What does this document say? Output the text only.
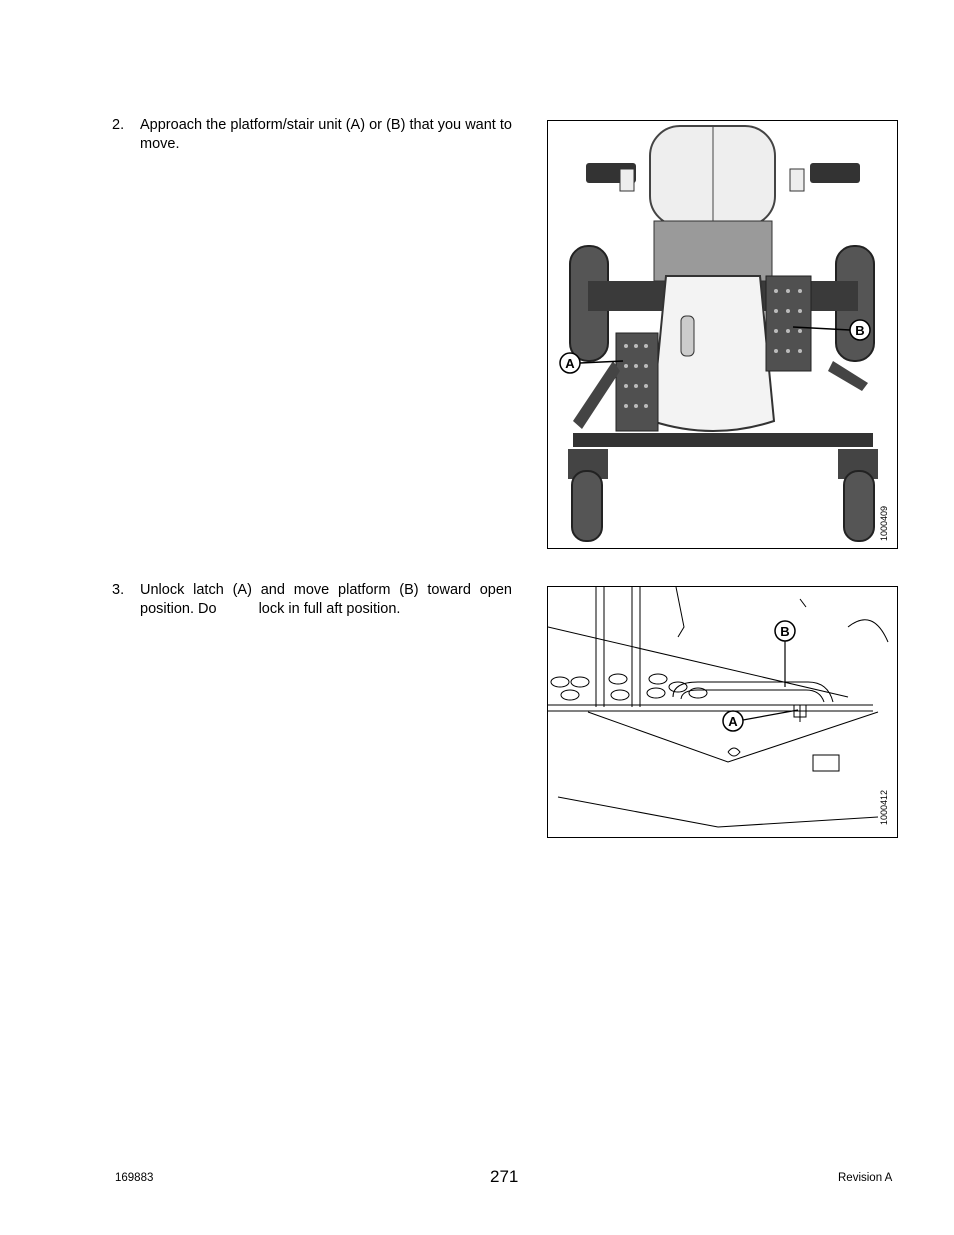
2. Approach the platform/stair unit (A) or (B) that you want to move.
A
B
1000409
3. Unlock latch (A) and move platform (B) toward open position. Do	lock in full aft position.
B
A
1000412
169883	271	Revision A
